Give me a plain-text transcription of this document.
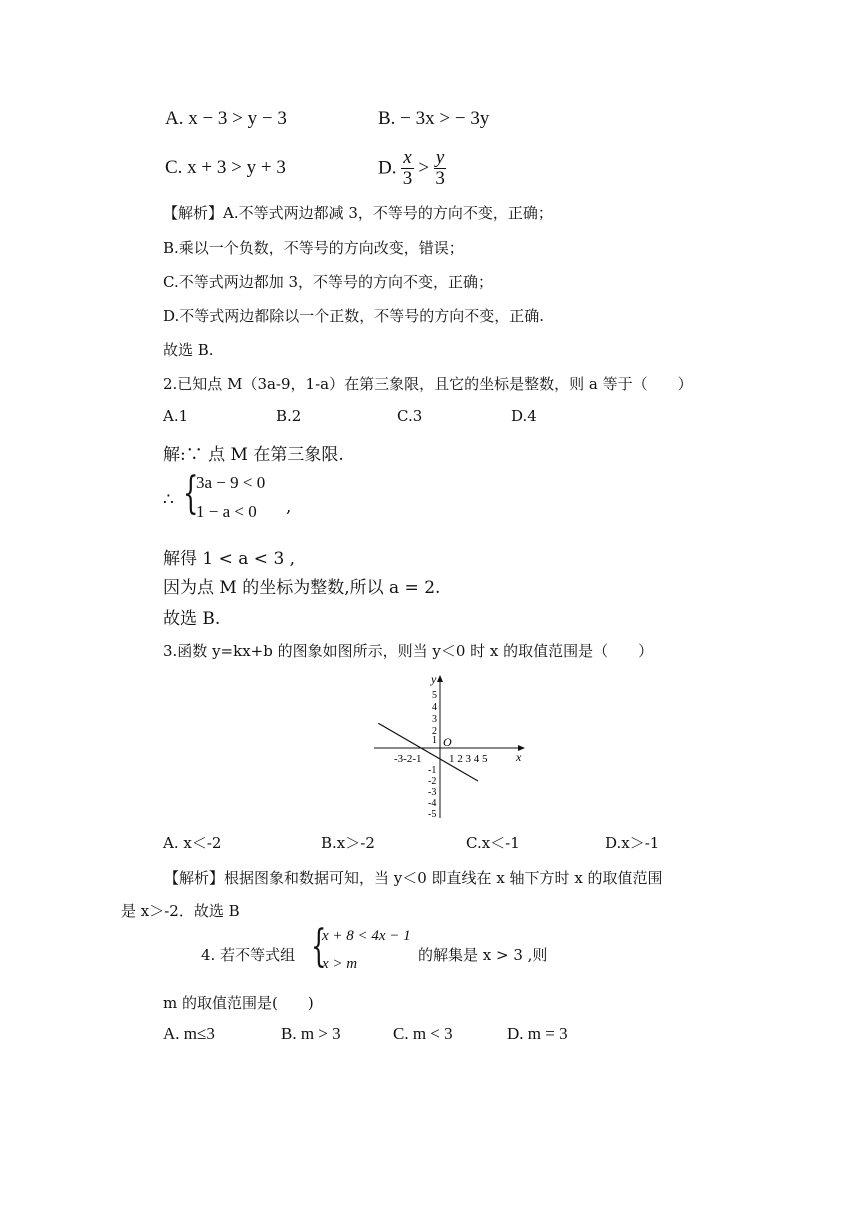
A. x − 3 > y − 3	B. − 3x > − 3y
C. x + 3 > y + 3	D. $\frac{x}{3} > \frac{y}{3}$
【解析】A.不等式两边都减 3，不等号的方向不变，正确；
B.乘以一个负数，不等号的方向改变，错误；
C.不等式两边都加 3，不等号的方向不变，正确；
D.不等式两边都除以一个正数，不等号的方向不变，正确.
故选 B.
2.已知点 M（3a-9，1-a）在第三象限，且它的坐标是整数，则 a 等于（　　）
A.1	B.2	C.3	D.4
解:∵ 点 M 在第三象限.
∴ {
3a − 9 < 0
1 − a < 0 ,
解得 1 < a < 3 ,
因为点 M 的坐标为整数,所以 a = 2.
故选 B.
3.函数 y=kx+b 的图象如图所示，则当 y＜0 时 x 的取值范围是（　　）
x
y
O
-3-2-1	1 2 3 4 5
5
4
3
2
1
-1
-2
-3
-4
-5
A. x＜-2	B.x＞-2	C.x＜-1	D.x＞-1
【解析】根据图象和数据可知，当 y＜0 即直线在 x 轴下方时 x 的取值范围
是 x＞-2．故选 B
4. 若不等式组 {
x + 8 < 4x − 1
x > m	的解集是 x > 3 ,则
m 的取值范围是(　　)
A. m≤3	B. m > 3	C. m < 3	D. m = 3
